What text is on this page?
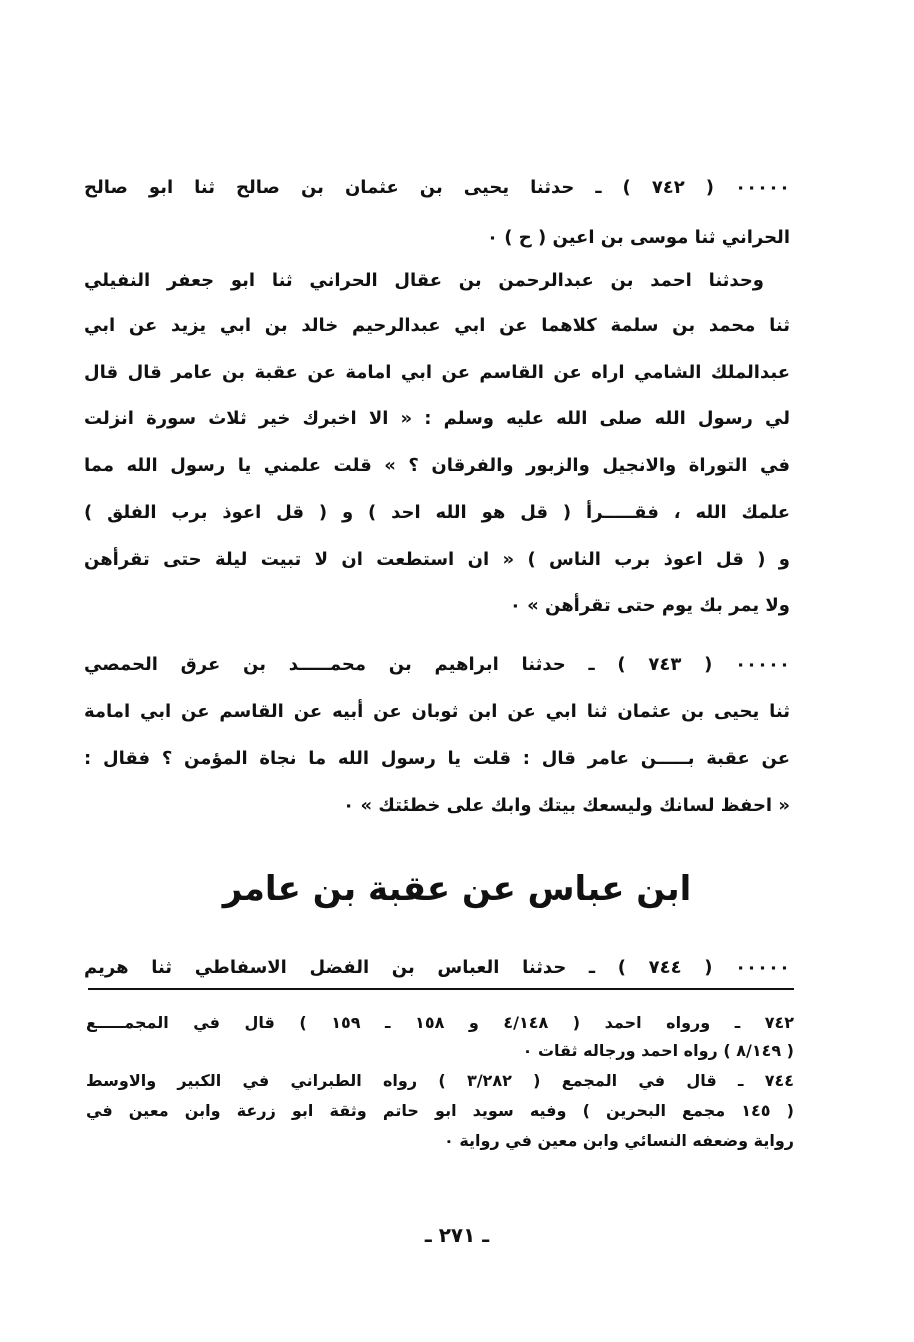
٠٠٠٠٠ ( ٧٤٢ ) ـ حدثنا يحيى بن عثمان بن صالح ثنا ابو صالح
الحراني ثنا موسى بن اعين ( ح ) ٠
وحدثنا احمد بن عبدالرحمن بن عقال الحراني ثنا ابو جعفر النفيلي
ثنا محمد بن سلمة كلاهما عن ابي عبدالرحيم خالد بن ابي يزيد عن ابي
عبدالملك الشامي اراه عن القاسم عن ابي امامة عن عقبة بن عامر قال قال
لي رسول الله صلى الله عليه وسلم : « الا اخبرك خير ثلاث سورة انزلت
في التوراة والانجيل والزبور والفرقان ؟ » قلت علمني يا رسول الله مما
علمك الله ، فقـــــرأ ( قل هو الله احد ) و ( قل اعوذ برب الفلق )
و ( قل اعوذ برب الناس ) « ان استطعت ان لا تبيت ليلة حتى تقرأهن
ولا يمر بك يوم حتى تقرأهن » ٠
٠٠٠٠٠ ( ٧٤٣ ) ـ حدثنا ابراهيم بن محمـــــد بن عرق الحمصي
ثنا يحيى بن عثمان ثنا ابي عن ابن ثوبان عن أبيه عن القاسم عن ابي امامة
عن عقبة بـــــن عامر قال : قلت يا رسول الله ما نجاة المؤمن ؟ فقال :
« احفظ لسانك وليسعك بيتك وابك على خطئتك » ٠
ابن عباس عن عقبة بن عامر
٠٠٠٠٠ ( ٧٤٤ ) ـ حدثنا العباس بن الفضل الاسفاطي ثنا هريم
٧٤٢ ـ ورواه احمد ( ٤/١٤٨ و ١٥٨ ـ ١٥٩ ) قال في المجمـــــع
( ٨/١٤٩ ) رواه احمد ورجاله ثقات ٠
٧٤٤ ـ قال في المجمع ( ٣/٢٨٢ ) رواه الطبراني في الكبير والاوسط
( ١٤٥ مجمع البحرين ) وفيه سويد ابو حاتم وثقة ابو زرعة وابن معين في
رواية وضعفه النسائي وابن معين في رواية ٠
ـ ٢٧١ ـ
